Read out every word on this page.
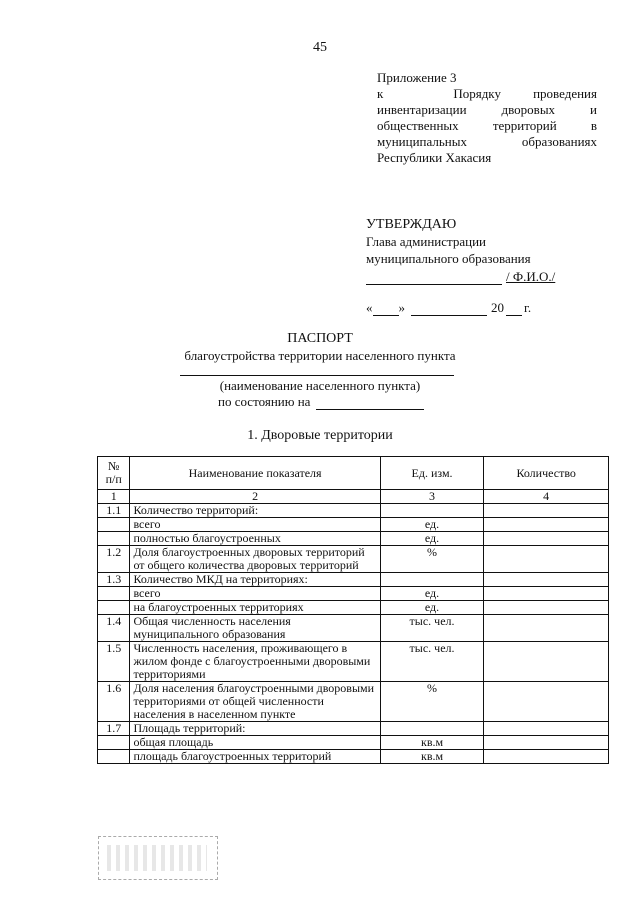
45
Приложение 3
к	Порядку проведения
инвентаризации дворовых и
общественных территорий в
муниципальных образованиях
Республики Хакасия
УТВЕРЖДАЮ
Глава администрации
муниципального образования
/ Ф.И.О./
« »	20 г.
ПАСПОРТ
благоустройства территории населенного пункта
(наименование населенного пункта)
по состоянию на
1. Дворовые территории
№
п/п	Наименование показателя	Ед. изм.	Количество
1	2	3	4
1.1	Количество территорий:		
	всего	ед.	
	полностью благоустроенных	ед.	
1.2	Доля благоустроенных дворовых территорий от общего количества дворовых территорий	%	
1.3	Количество МКД на территориях:		
	всего	ед.	
	на благоустроенных территориях	ед.	
1.4	Общая численность населения муниципального образования	тыс. чел.	
1.5	Численность населения, проживающего в жилом фонде с благоустроенными дворовыми территориями	тыс. чел.	
1.6	Доля населения благоустроенными дворовыми территориями от общей численности населения в населенном пункте	%	
1.7	Площадь территорий:		
	общая площадь	кв.м	
	площадь благоустроенных территорий	кв.м	
